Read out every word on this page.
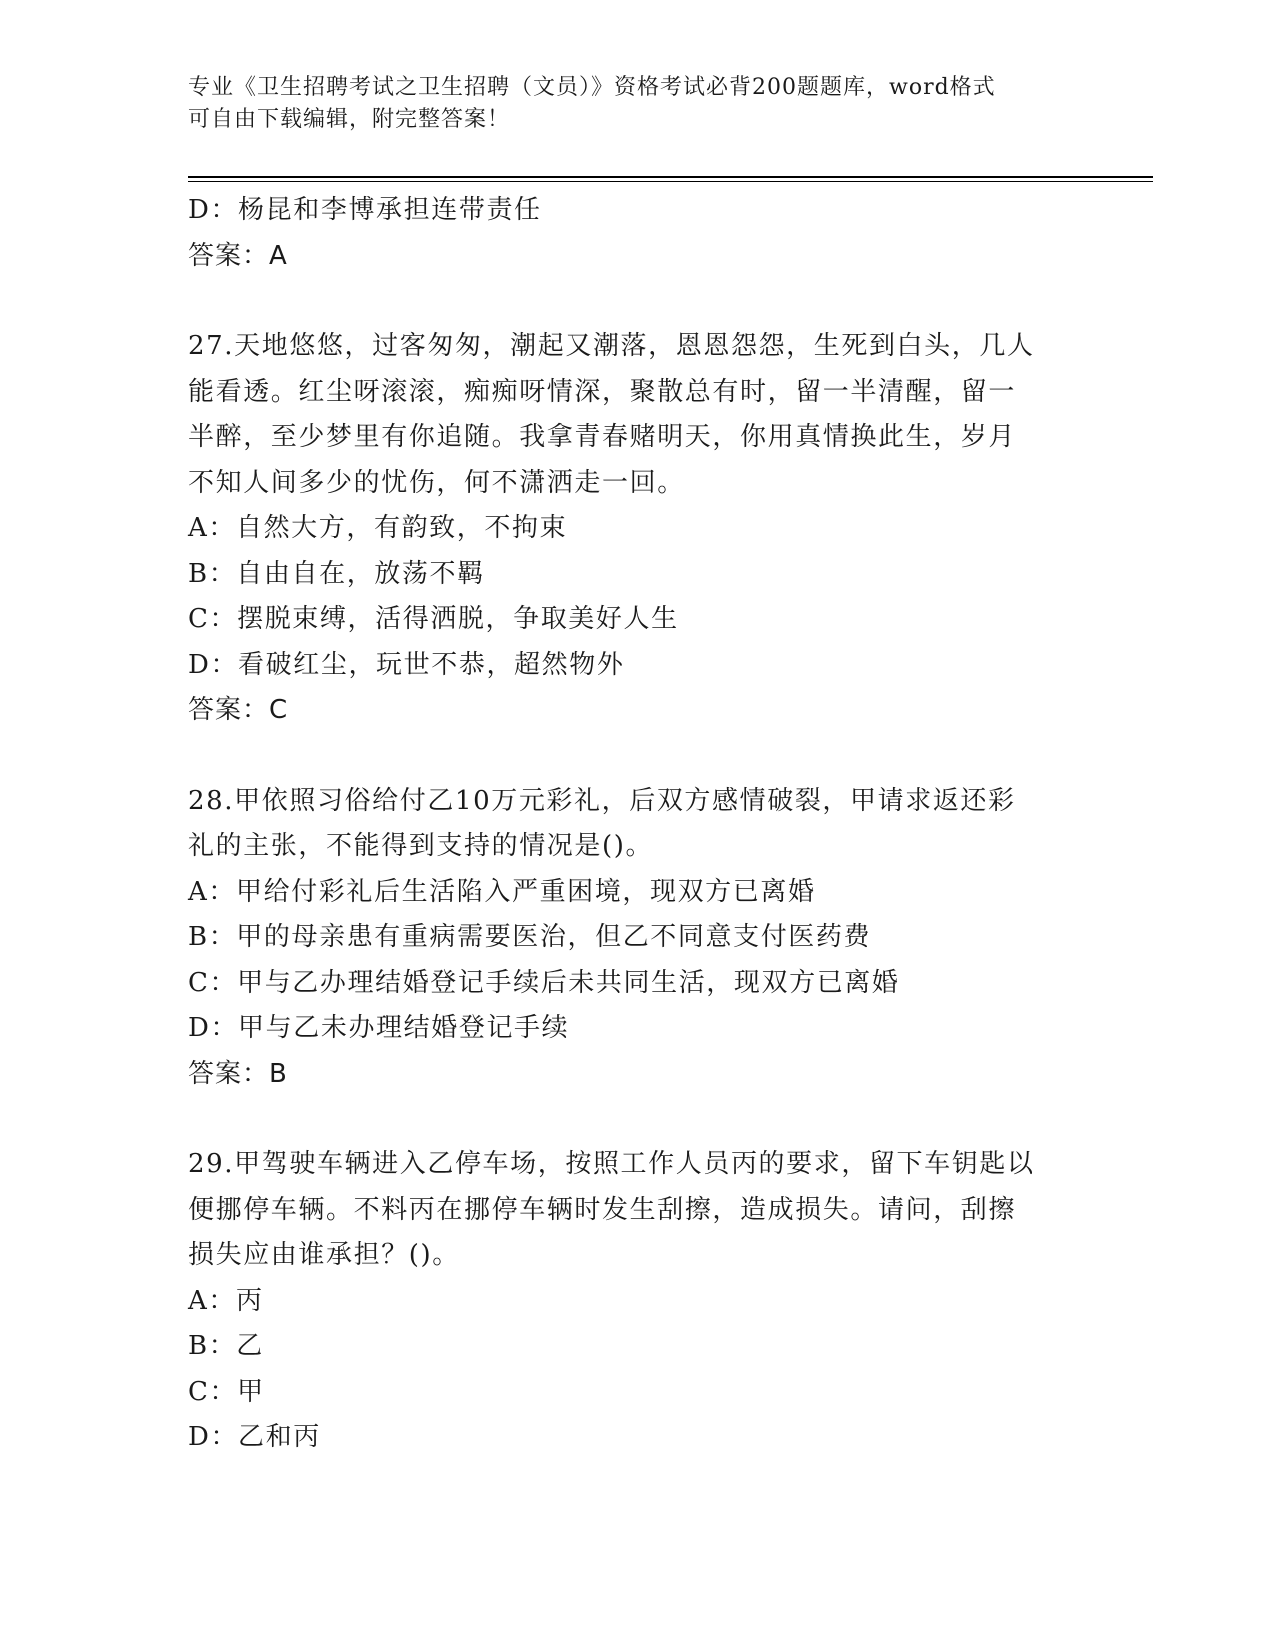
专业《卫生招聘考试之卫生招聘（文员）》资格考试必背200题题库，word格式
可自由下载编辑，附完整答案！
D：杨昆和李博承担连带责任
答案：A
27.天地悠悠，过客匆匆，潮起又潮落，恩恩怨怨，生死到白头，几人
能看透。红尘呀滚滚，痴痴呀情深，聚散总有时，留一半清醒，留一
半醉，至少梦里有你追随。我拿青春赌明天，你用真情换此生，岁月
不知人间多少的忧伤，何不潇洒走一回。
A：自然大方，有韵致，不拘束
B：自由自在，放荡不羁
C：摆脱束缚，活得洒脱，争取美好人生
D：看破红尘，玩世不恭，超然物外
答案：C
28.甲依照习俗给付乙10万元彩礼，后双方感情破裂，甲请求返还彩
礼的主张，不能得到支持的情况是()。
A：甲给付彩礼后生活陷入严重困境，现双方已离婚
B：甲的母亲患有重病需要医治，但乙不同意支付医药费
C：甲与乙办理结婚登记手续后未共同生活，现双方已离婚
D：甲与乙未办理结婚登记手续
答案：B
29.甲驾驶车辆进入乙停车场，按照工作人员丙的要求，留下车钥匙以
便挪停车辆。不料丙在挪停车辆时发生刮擦，造成损失。请问，刮擦
损失应由谁承担？()。
A：丙
B：乙
C：甲
D：乙和丙
